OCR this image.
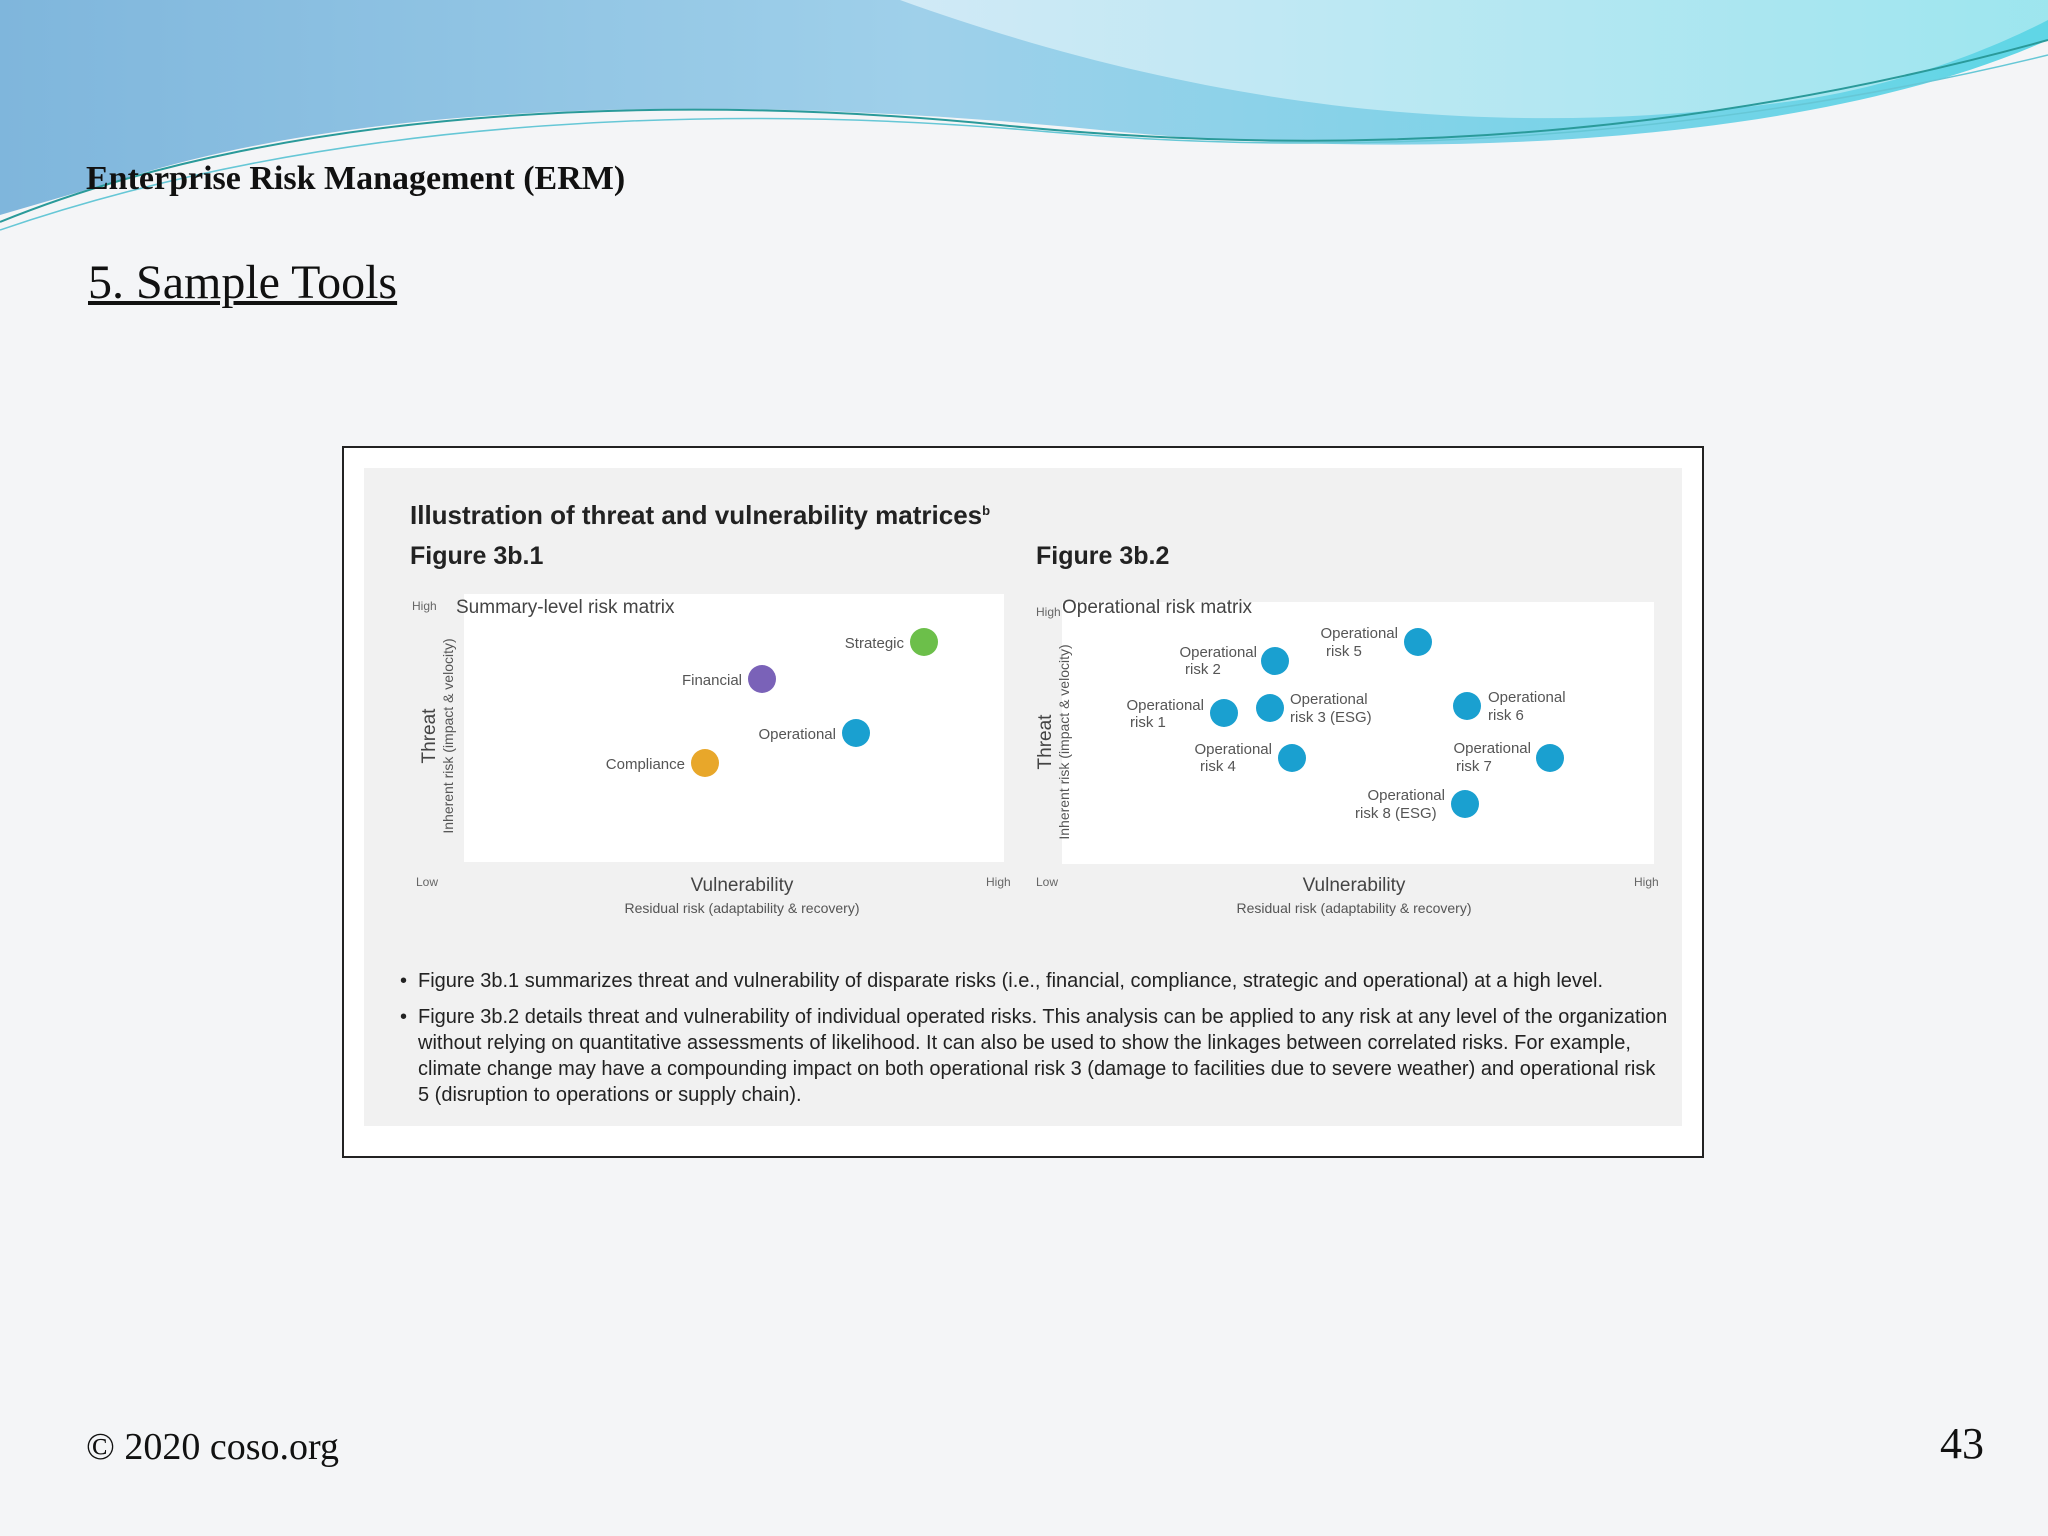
Enterprise Risk Management (ERM)
5. Sample Tools
Illustration of threat and vulnerability matrices$^b$
Figure 3b.1	Figure 3b.2
Summary-level risk matrix
High
Low	High
Threat Inherent risk (impact & velocity)
Vulnerability
Residual risk (adaptability & recovery)
Strategic
Financial
Operational
Compliance
Operational risk matrix
High
Low	High
Threat Inherent risk (impact & velocity)
Vulnerability
Residual risk (adaptability & recovery)
Operational
risk 5
Operational
risk 2
Operational
risk 3 (ESG)
Operational
risk 1
Operational
risk 6
Operational
risk 4
Operational
risk 7
Operational
risk 8 (ESG)
• Figure 3b.1 summarizes threat and vulnerability of disparate risks (i.e., financial, compliance, strategic and operational) at a high level.
• Figure 3b.2 details threat and vulnerability of individual operated risks. This analysis can be applied to any risk at any level of the organization without relying on quantitative assessments of likelihood. It can also be used to show the linkages between correlated risks. For example, climate change may have a compounding impact on both operational risk 3 (damage to facilities due to severe weather) and operational risk 5 (disruption to operations or supply chain).
© 2020 coso.org	43
